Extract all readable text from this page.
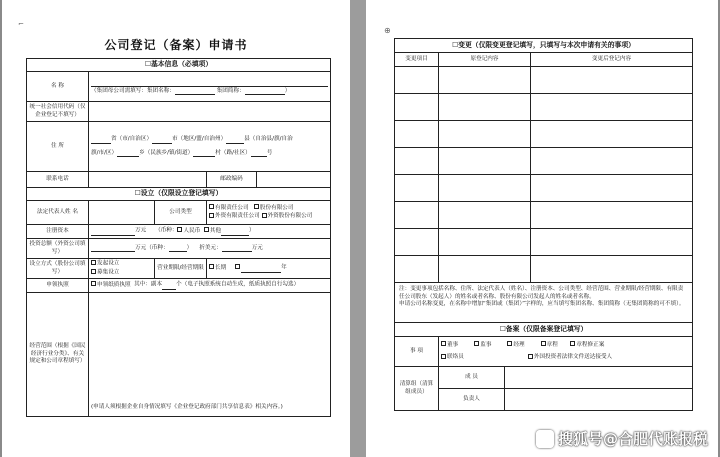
⌐
公司登记（备案）申请书
☐基本信息（必填项）				
名 称	（集团母公司需填写：集团名称： 集团简称： ）			

统一社会信用代码（仅企业登记不填写）				
住 所	省（市/自治区） 市（地区/盟/自治州） 县（自治县/旗/自治
旗/市/区） 乡（民族乡/镇/街道） 村（路/社区） 号			

联系电话			邮政编码	
☐设立（仅限设立登记填写）				
法定代表人姓 名		公司类型	有限责任公司 股份有限公司
外资有限责任公司 外资股份有限公司	

注册资本	万元 （币种： 人民币 其他 ）			
投资总额（外资公司填写）	万元（币种： ） 折美元： 万元			
设立方式（股份公司填写）	发起设立
募集设立	营业期限/经营期限	长期 年	
申领执照	申领纸质执照 其中：副本 个（电子执照系统自动生成，纸质执照自行勾选）			
经营范围（根据《国民经济行业分类》、有关规定和公司章程填写）	(申请人须根据企业自身情况填写《企业登记政府部门共享信息表》相关内容。)			
⊕
☐变更（仅限变更登记填写，只填写与本次申请有关的事项）			
变更项目	原登记内容		变更后登记内容

注：变更事项包括名称、住所、法定代表人（姓名）、注册资本、公司类型、经营范围、营业期限/经营期限、有限责任公司股东（发起人）的姓名或者名称、股份有限公司发起人的姓名或者名称。
申请公司名称变更，在名称中增加“集团或（集团）”字样的，应当填写集团名称、集团简称（无集团简称的可不填）。			

☐备案（仅限备案登记填写）			
事 项	董事 监事 经理 章程 章程修正案
联络员 外国投资者法律文件送达接受人		

清算组（清算组成员）	成 员		
	负责人		
搜狐号@合肥代账报税
